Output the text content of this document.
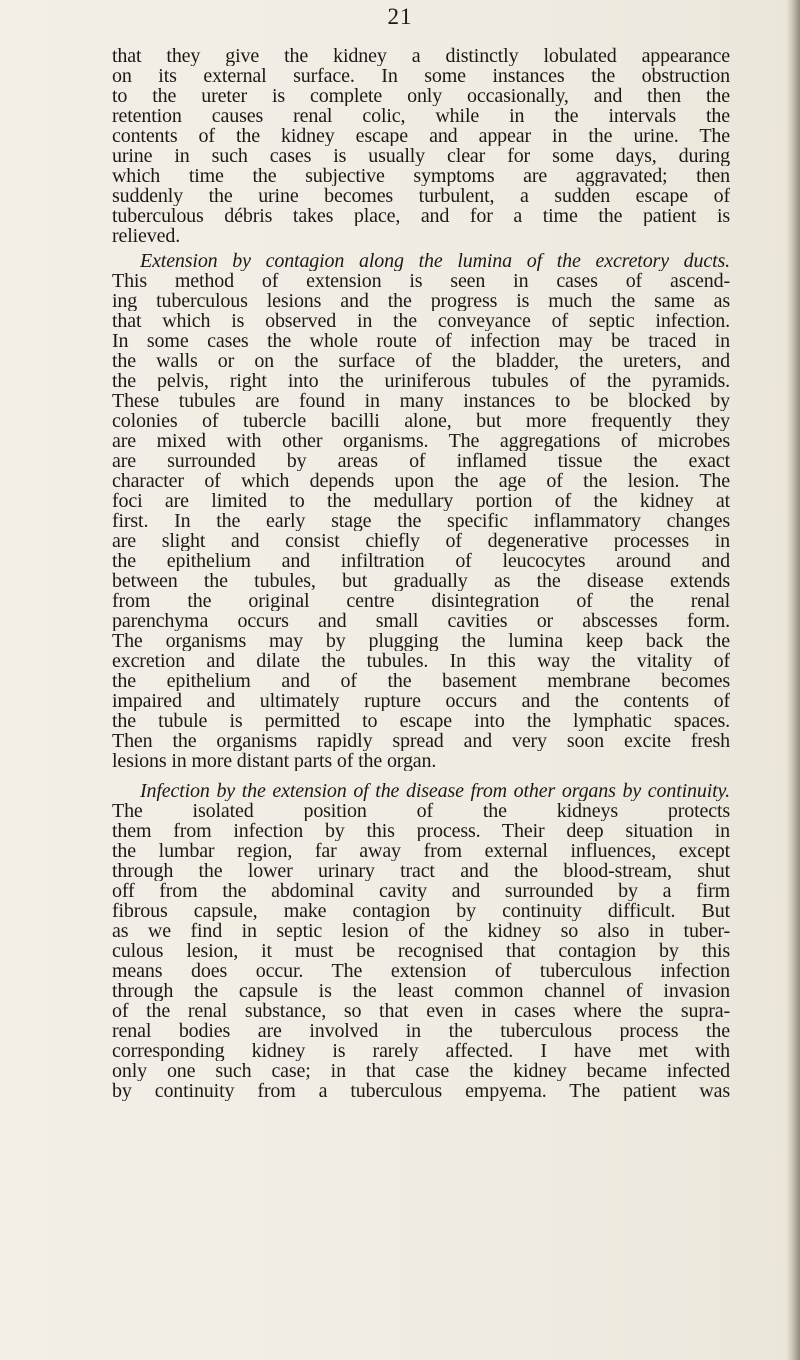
21

that they give the kidney a distinctly lobulated appearance
on its external surface. In some instances the obstruction
to the ureter is complete only occasionally, and then the
retention causes renal colic, while in the intervals the
contents of the kidney escape and appear in the urine. The
urine in such cases is usually clear for some days, during
which time the subjective symptoms are aggravated; then
suddenly the urine becomes turbulent, a sudden escape of
tuberculous débris takes place, and for a time the patient is
relieved.

Extension by contagion along the lumina of the excretory ducts.
This method of extension is seen in cases of ascend-
ing tuberculous lesions and the progress is much the same as
that which is observed in the conveyance of septic infection.
In some cases the whole route of infection may be traced in
the walls or on the surface of the bladder, the ureters, and
the pelvis, right into the uriniferous tubules of the pyramids.
These tubules are found in many instances to be blocked by
colonies of tubercle bacilli alone, but more frequently they
are mixed with other organisms. The aggregations of microbes
are surrounded by areas of inflamed tissue the exact
character of which depends upon the age of the lesion. The
foci are limited to the medullary portion of the kidney at
first. In the early stage the specific inflammatory changes
are slight and consist chiefly of degenerative processes in
the epithelium and infiltration of leucocytes around and
between the tubules, but gradually as the disease extends
from the original centre disintegration of the renal
parenchyma occurs and small cavities or abscesses form.
The organisms may by plugging the lumina keep back the
excretion and dilate the tubules. In this way the vitality of
the epithelium and of the basement membrane becomes
impaired and ultimately rupture occurs and the contents of
the tubule is permitted to escape into the lymphatic spaces.
Then the organisms rapidly spread and very soon excite fresh
lesions in more distant parts of the organ.

Infection by the extension of the disease from other organs by continuity.
The isolated position of the kidneys protects
them from infection by this process. Their deep situation in
the lumbar region, far away from external influences, except
through the lower urinary tract and the blood-stream, shut
off from the abdominal cavity and surrounded by a firm
fibrous capsule, make contagion by continuity difficult. But
as we find in septic lesion of the kidney so also in tuber-
culous lesion, it must be recognised that contagion by this
means does occur. The extension of tuberculous infection
through the capsule is the least common channel of invasion
of the renal substance, so that even in cases where the supra-
renal bodies are involved in the tuberculous process the
corresponding kidney is rarely affected. I have met with
only one such case; in that case the kidney became infected
by continuity from a tuberculous empyema. The patient was
